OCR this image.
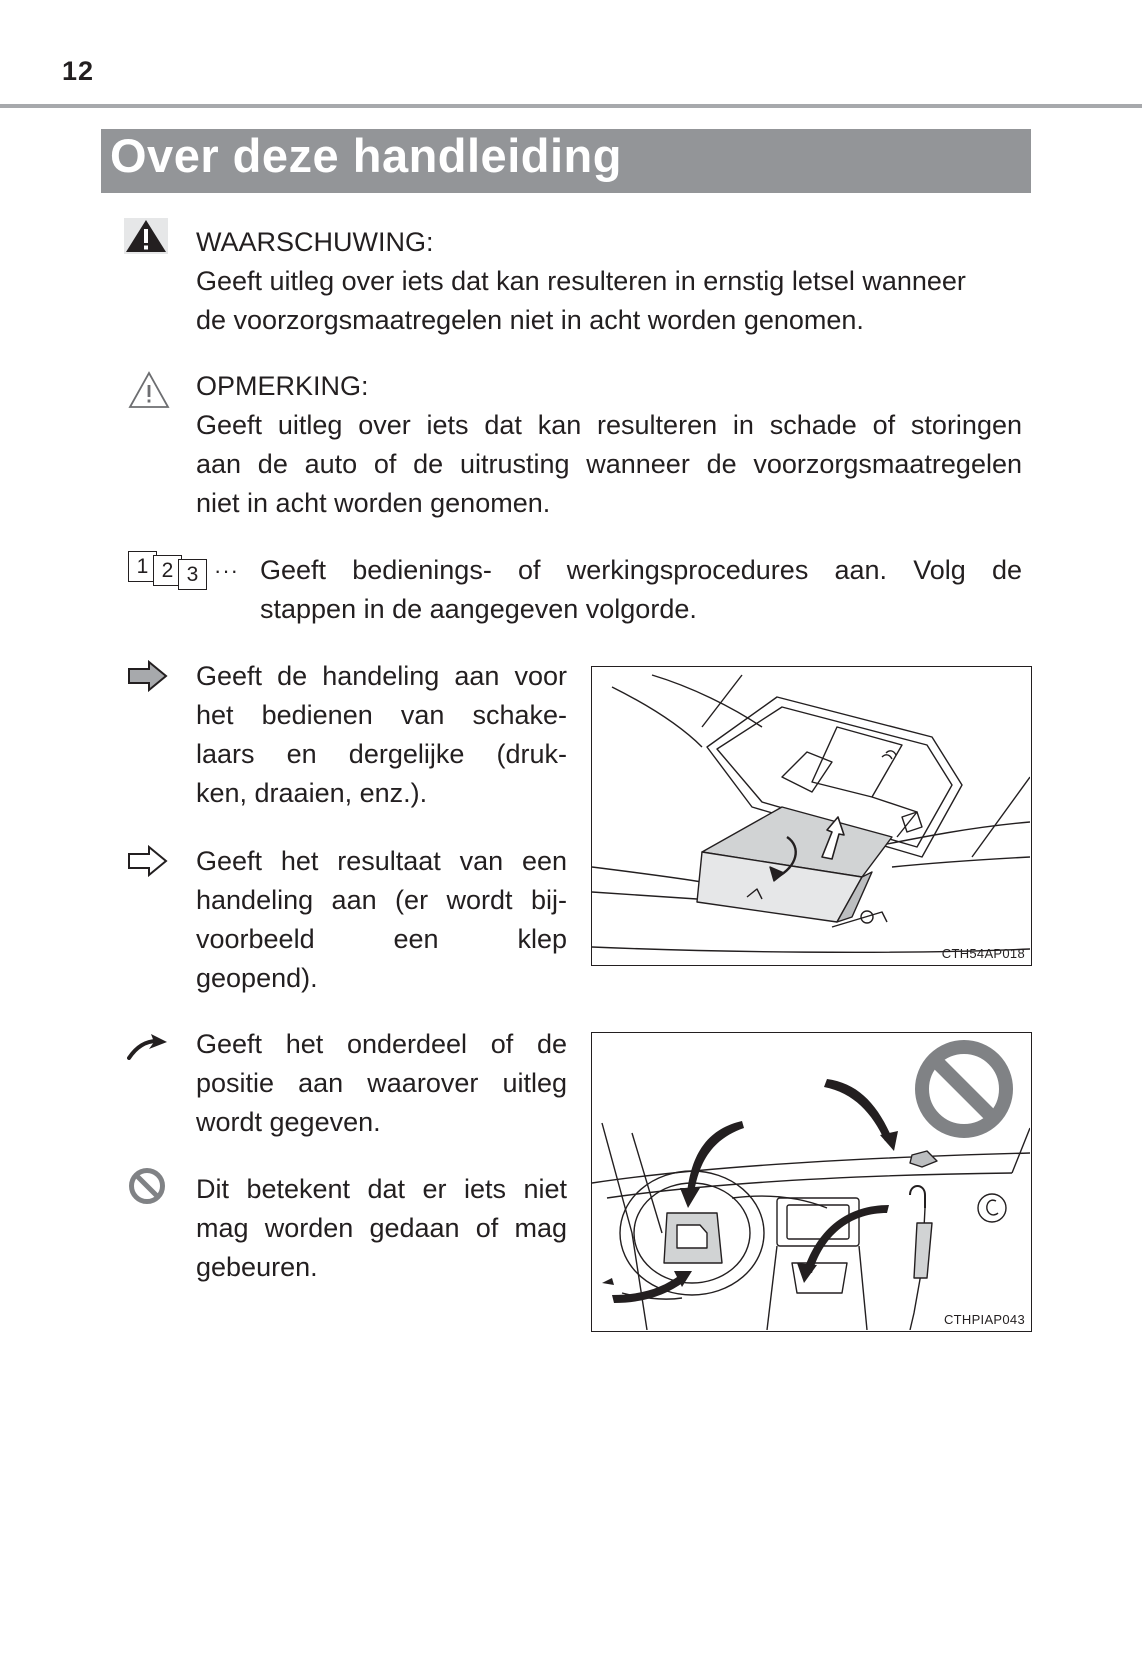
12
Over deze handleiding
WAARSCHUWING:
Geeft uitleg over iets dat kan resulteren in ernstig letsel wanneer
de voorzorgsmaatregelen niet in acht worden genomen.
OPMERKING:
Geeft uitleg over iets dat kan resulteren in schade of storingen
aan de auto of de uitrusting wanneer de voorzorgsmaatregelen
niet in acht worden genomen.
1 2 3 ··· Geeft bedienings- of werkingsprocedures aan. Volg de
stappen in de aangegeven volgorde.
Geeft de handeling aan voor
het bedienen van schake-
laars en dergelijke (druk-
ken, draaien, enz.).
Geeft het resultaat van een
handeling aan (er wordt bij-
voorbeeld een klep
geopend).
Geeft het onderdeel of de
positie aan waarover uitleg
wordt gegeven.
Dit betekent dat er iets niet
mag worden gedaan of mag
gebeuren.
CTH54AP018
CTHPIAP043
